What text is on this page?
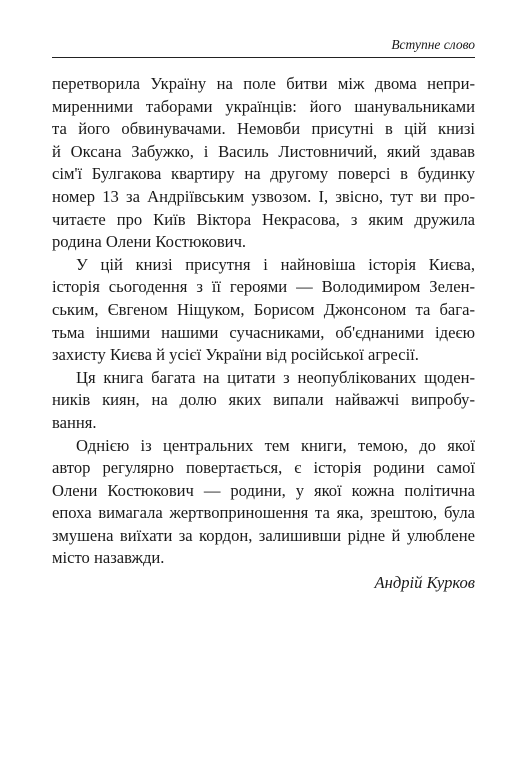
Вступне слово

перетворила Україну на поле битви між двома непри-
миренними таборами українців: його шанувальниками
та його обвинувачами. Немовби присутні в цій книзі
й Оксана Забужко, і Василь Листовничий, який здавав
сім'ї Булгакова квартиру на другому поверсі в будинку
номер 13 за Андріївським узвозом. І, звісно, тут ви про-
читаєте про Київ Віктора Некрасова, з яким дружила
родина Олени Костюкович.

У цій книзі присутня і найновіша історія Києва,
історія сьогодення з її героями — Володимиром Зелен-
ським, Євгеном Ніщуком, Борисом Джонсоном та бага-
тьма іншими нашими сучасниками, об'єднаними ідеєю
захисту Києва й усієї України від російської агресії.

Ця книга багата на цитати з неопублікованих щоден-
ників киян, на долю яких випали найважчі випробу-
вання.

Однією із центральних тем книги, темою, до якої
автор регулярно повертається, є історія родини самої
Олени Костюкович — родини, у якої кожна політична
епоха вимагала жертвоприношення та яка, зрештою, була
змушена виїхати за кордон, залишивши рідне й улюблене
місто назавжди.

Андрій Курков
